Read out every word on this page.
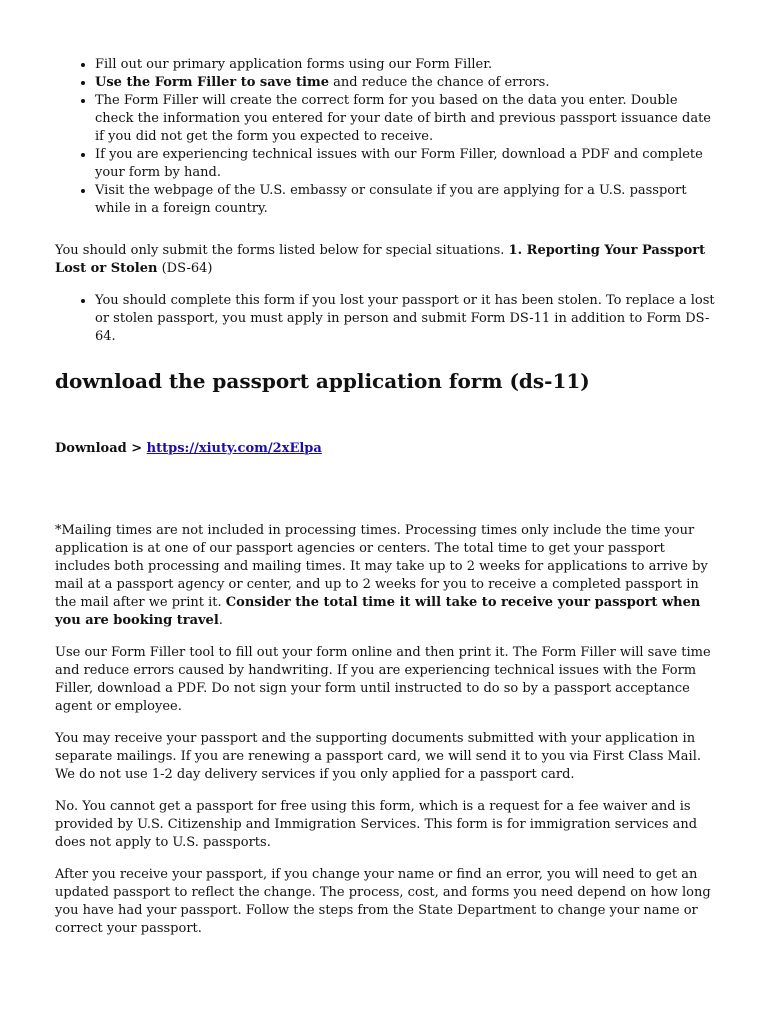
• Fill out our primary application forms using our Form Filler.
• Use the Form Filler to save time and reduce the chance of errors.
• The Form Filler will create the correct form for you based on the data you enter. Double check the information you entered for your date of birth and previous passport issuance date if you did not get the form you expected to receive.
• If you are experiencing technical issues with our Form Filler, download a PDF and complete your form by hand.
• Visit the webpage of the U.S. embassy or consulate if you are applying for a U.S. passport while in a foreign country.

You should only submit the forms listed below for special situations. 1. Reporting Your Passport Lost or Stolen (DS-64)

• You should complete this form if you lost your passport or it has been stolen. To replace a lost or stolen passport, you must apply in person and submit Form DS-11 in addition to Form DS-64.
download the passport application form (ds-11)

Download > https://xiuty.com/2xElpa

*Mailing times are not included in processing times. Processing times only include the time your application is at one of our passport agencies or centers. The total time to get your passport includes both processing and mailing times. It may take up to 2 weeks for applications to arrive by mail at a passport agency or center, and up to 2 weeks for you to receive a completed passport in the mail after we print it. Consider the total time it will take to receive your passport when you are booking travel.

Use our Form Filler tool to fill out your form online and then print it. The Form Filler will save time and reduce errors caused by handwriting. If you are experiencing technical issues with the Form Filler, download a PDF. Do not sign your form until instructed to do so by a passport acceptance agent or employee.

You may receive your passport and the supporting documents submitted with your application in separate mailings. If you are renewing a passport card, we will send it to you via First Class Mail. We do not use 1-2 day delivery services if you only applied for a passport card.

No. You cannot get a passport for free using this form, which is a request for a fee waiver and is provided by U.S. Citizenship and Immigration Services. This form is for immigration services and does not apply to U.S. passports.

After you receive your passport, if you change your name or find an error, you will need to get an updated passport to reflect the change. The process, cost, and forms you need depend on how long you have had your passport. Follow the steps from the State Department to change your name or correct your passport.
